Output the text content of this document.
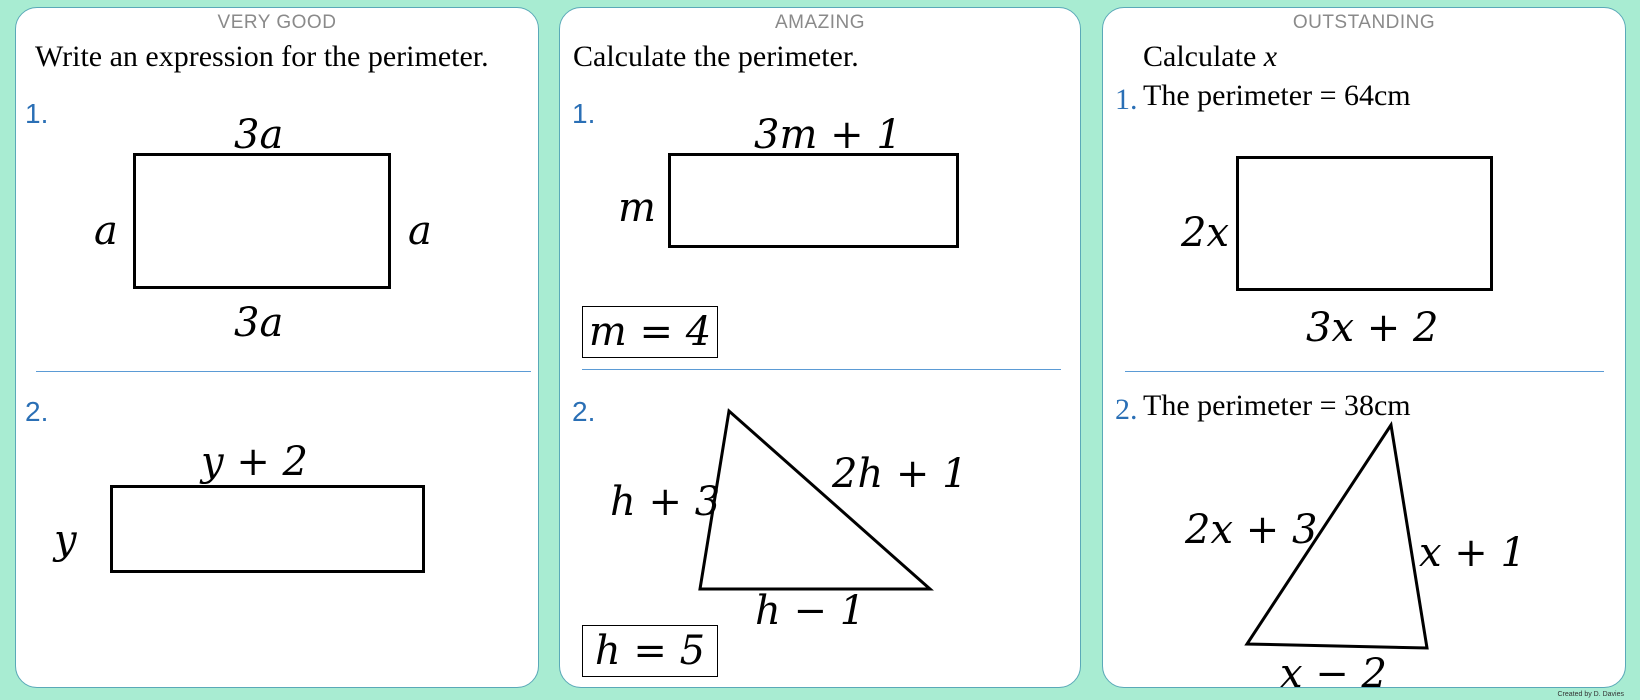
VERY GOOD
Write an expression for the perimeter.
1.	3a
a	a
3a
2.
y + 2
y
AMAZING
Calculate the perimeter.
1.	3m + 1
m
m = 4
2.
h + 3
2h + 1
h − 1
h = 5
OUTSTANDING
Calculate x
1. The perimeter = 64cm
2x
3x + 2
2. The perimeter = 38cm
2x + 3	x + 1
x − 2	Created by D. Davies
